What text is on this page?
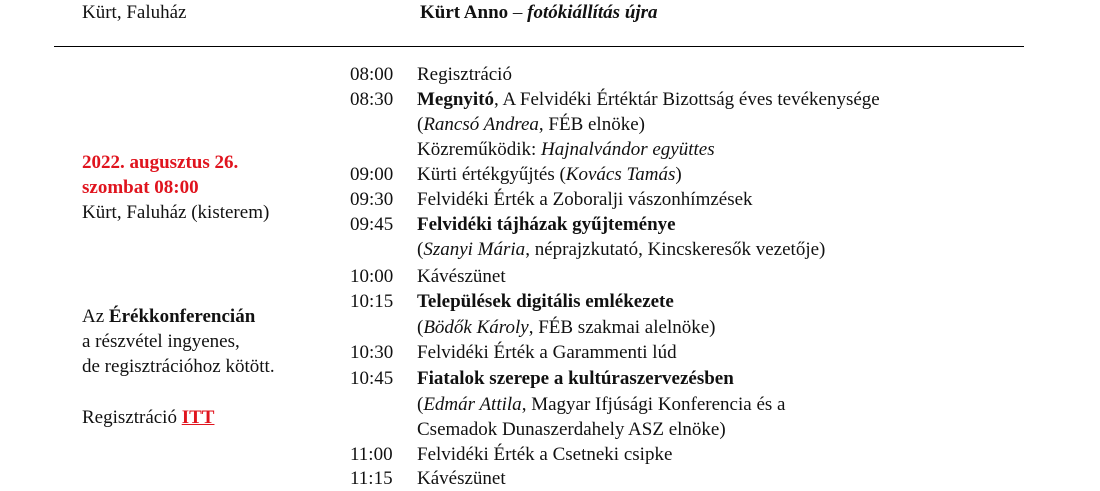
Kürt, Faluház	Kürt Anno – fotókiállítás újra
2022. augusztus 26.
szombat 08:00
Kürt, Faluház (kisterem)
Az Érékkonferencián
a részvétel ingyenes,
de regisztrációhoz kötött.
Regisztráció ITT
08:00 Regisztráció
08:30 Megnyitó, A Felvidéki Értéktár Bizottság éves tevékenysége
(Rancsó Andrea, FÉB elnöke)
Közreműködik: Hajnalvándor együttes
09:00 Kürti értékgyűjtés (Kovács Tamás)
09:30 Felvidéki Érték a Zoboralji vászonhímzések
09:45 Felvidéki tájházak gyűjteménye
(Szanyi Mária, néprajzkutató, Kincskeresők vezetője)
10:00 Kávészünet
10:15 Települések digitális emlékezete
(Bödők Károly, FÉB szakmai alelnöke)
10:30 Felvidéki Érték a Garammenti lúd
10:45 Fiatalok szerepe a kultúraszervezésben
(Edmár Attila, Magyar Ifjúsági Konferencia és a
Csemadok Dunaszerdahely ASZ elnöke)
11:00 Felvidéki Érték a Csetneki csipke
11:15 Kávészünet
